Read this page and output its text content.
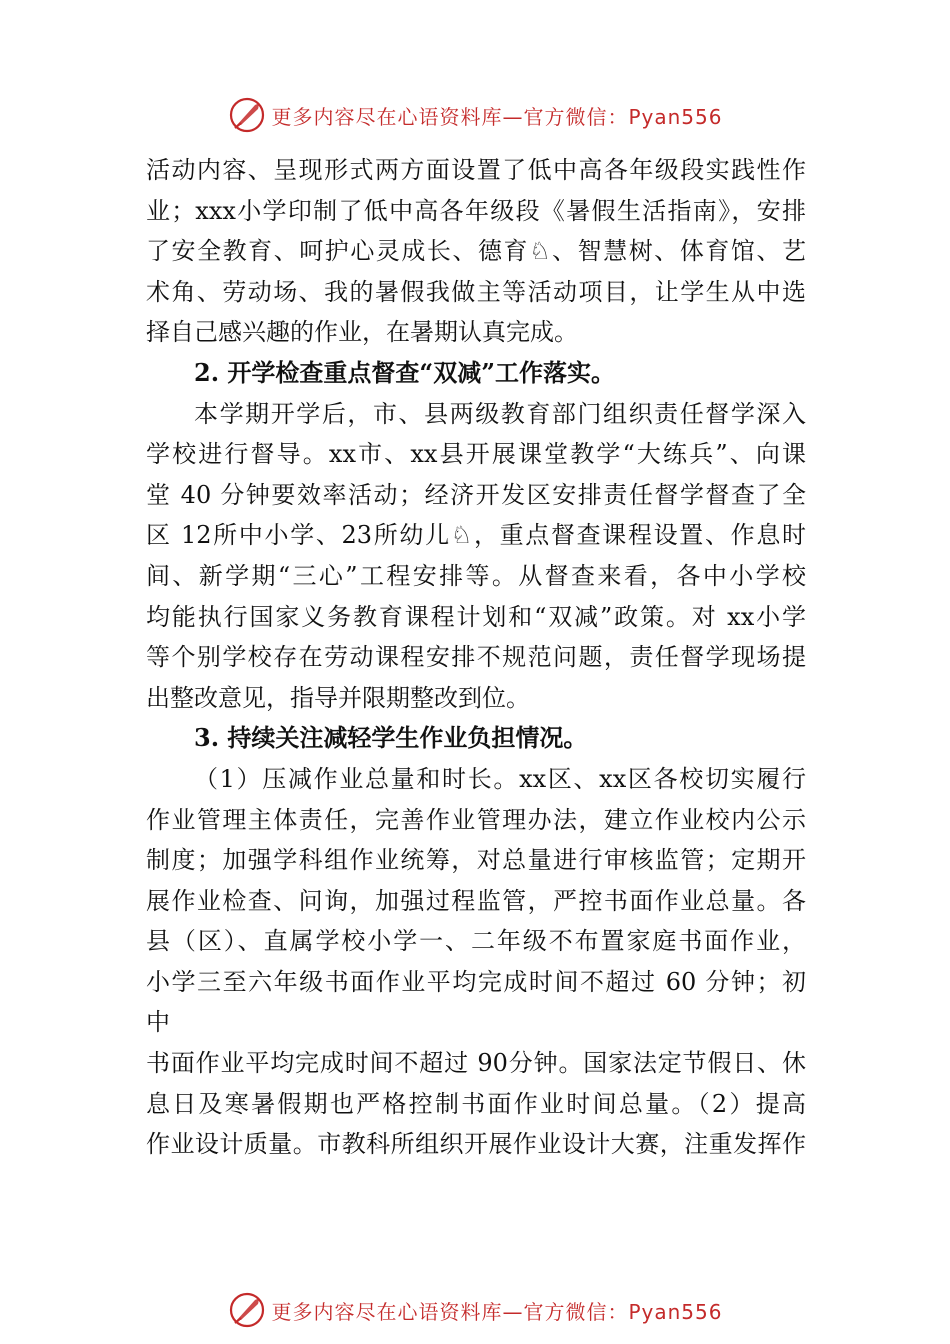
更多内容尽在心语资料库 —官方微信：Pyan556
活动内容、呈现形式两方面设置了低中高各年级段实践性作
业；xxx小学印制了低中高各年级段《暑假生活指南》，安排
了安全教育、呵护心灵成长、德育♘、智慧树、体育馆、艺
术角、劳动场、我的暑假我做主等活动项目，让学生从中选
择自己感兴趣的作业，在暑期认真完成。
2. 开学检查重点督查“双减”工作落实。
本学期开学后，市、县两级教育部门组织责任督学深入
学校进行督导。xx市、xx县开展课堂教学“大练兵”、向课
堂 40 分钟要效率活动；经济开发区安排责任督学督查了全
区 12所中小学、23所幼儿♘，重点督查课程设置、作息时
间、新学期“三心”工程安排等。从督查来看，各中小学校
均能执行国家义务教育课程计划和“双减”政策。对 xx小学
等个别学校存在劳动课程安排不规范问题，责任督学现场提
出整改意见，指导并限期整改到位。
3. 持续关注减轻学生作业负担情况。
（1）压减作业总量和时长。xx区、xx区各校切实履行
作业管理主体责任，完善作业管理办法，建立作业校内公示
制度；加强学科组作业统筹，对总量进行审核监管；定期开
展作业检查、问询，加强过程监管，严控书面作业总量。各
县（区）、直属学校小学一、二年级不布置家庭书面作业，
小学三至六年级书面作业平均完成时间不超过 60 分钟；初
中
书面作业平均完成时间不超过 90分钟。国家法定节假日、休
息日及寒暑假期也严格控制书面作业时间总量。（2）提高
作业设计质量。市教科所组织开展作业设计大赛，注重发挥作
更多内容尽在心语资料库 —官方微信：Pyan556
